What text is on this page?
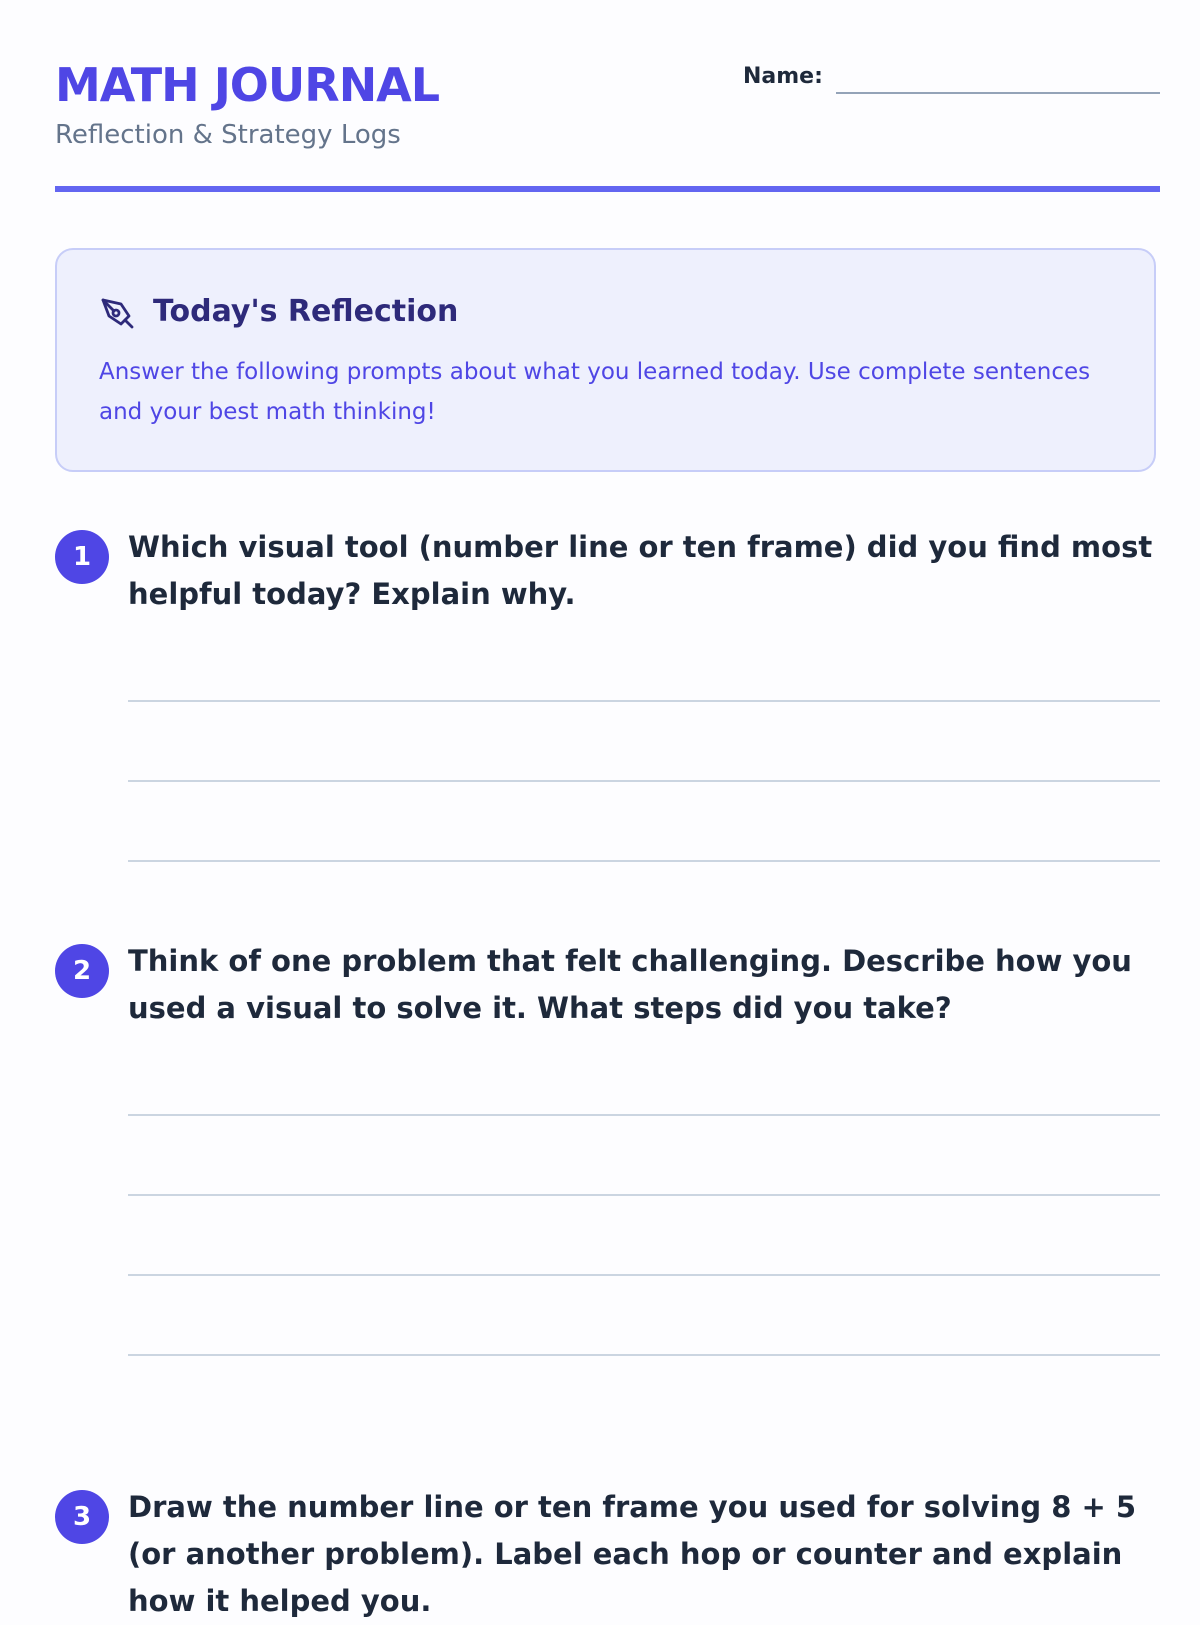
MATH JOURNAL
Reflection & Strategy Logs
Name:
Today's Reflection
Answer the following prompts about what you learned today. Use complete sentences and your best math thinking!
1	Which visual tool (number line or ten frame) did you find most helpful today? Explain why.
2	Think of one problem that felt challenging. Describe how you used a visual to solve it. What steps did you take?
3	Draw the number line or ten frame you used for solving 8 + 5 (or another problem). Label each hop or counter and explain how it helped you.
